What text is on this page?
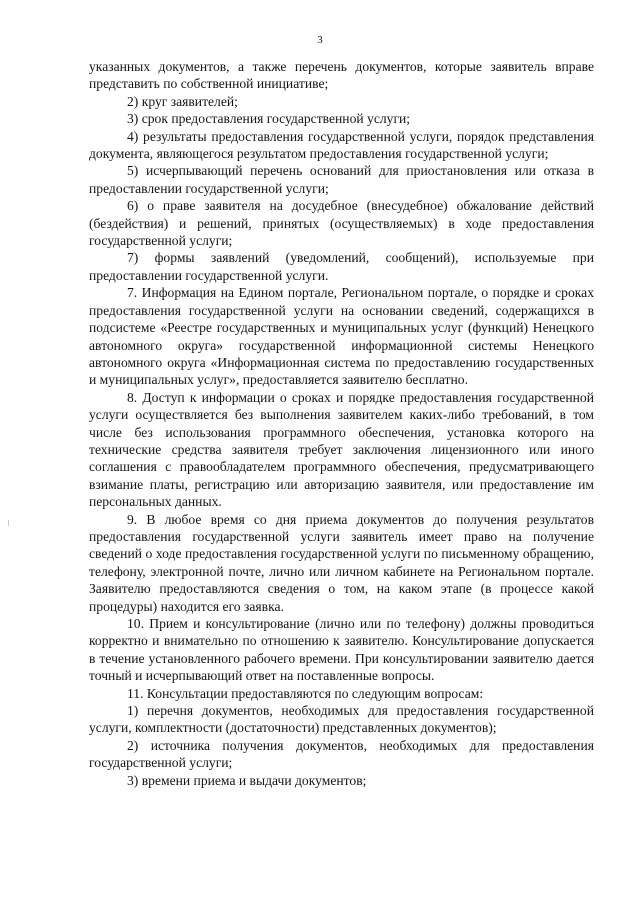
3

указанных документов, а также перечень документов, которые заявитель вправе представить по собственной инициативе;

2) круг заявителей;

3) срок предоставления государственной услуги;

4) результаты предоставления государственной услуги, порядок представления документа, являющегося результатом предоставления государственной услуги;

5) исчерпывающий перечень оснований для приостановления или отказа в предоставлении государственной услуги;

6) о праве заявителя на досудебное (внесудебное) обжалование действий (бездействия) и решений, принятых (осуществляемых) в ходе предоставления государственной услуги;

7) формы заявлений (уведомлений, сообщений), используемые при предоставлении государственной услуги.

7. Информация на Едином портале, Региональном портале, о порядке и сроках предоставления государственной услуги на основании сведений, содержащихся в подсистеме «Реестре государственных и муниципальных услуг (функций) Ненецкого автономного округа» государственной информационной системы Ненецкого автономного округа «Информационная система по предоставлению государственных и муниципальных услуг», предоставляется заявителю бесплатно.

8. Доступ к информации о сроках и порядке предоставления государственной услуги осуществляется без выполнения заявителем каких-либо требований, в том числе без использования программного обеспечения, установка которого на технические средства заявителя требует заключения лицензионного или иного соглашения с правообладателем программного обеспечения, предусматривающего взимание платы, регистрацию или авторизацию заявителя, или предоставление им персональных данных.

9. В любое время со дня приема документов до получения результатов предоставления государственной услуги заявитель имеет право на получение сведений о ходе предоставления государственной услуги по письменному обращению, телефону, электронной почте, лично или личном кабинете на Региональном портале. Заявителю предоставляются сведения о том, на каком этапе (в процессе какой процедуры) находится его заявка.

10. Прием и консультирование (лично или по телефону) должны проводиться корректно и внимательно по отношению к заявителю. Консультирование допускается в течение установленного рабочего времени. При консультировании заявителю дается точный и исчерпывающий ответ на поставленные вопросы.

11. Консультации предоставляются по следующим вопросам:

1) перечня документов, необходимых для предоставления государственной услуги, комплектности (достаточности) представленных документов);

2) источника получения документов, необходимых для предоставления государственной услуги;

3) времени приема и выдачи документов;
